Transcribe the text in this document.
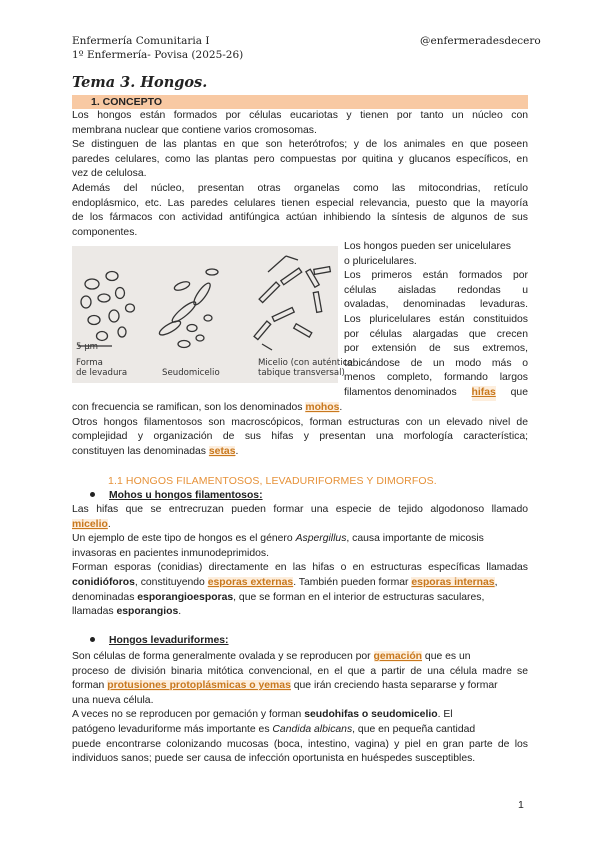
Enfermería Comunitaria I
1º Enfermería- Povisa (2025-26)
@enfermeradesdecero
Tema 3. Hongos.
1. CONCEPTO
Los hongos están formados por células eucariotas y tienen por tanto un núcleo con
membrana nuclear que contiene varios cromosomas.
Se distinguen de las plantas en que son heterótrofos; y de los animales en que poseen
paredes celulares, como las plantas pero compuestas por quitina y glucanos específicos, en
vez de celulosa.
Además del núcleo, presentan otras organelas como las mitocondrias, retículo
endoplásmico, etc. Las paredes celulares tienen especial relevancia, puesto que la mayoría
de los fármacos con actividad antifúngica actúan inhibiendo la síntesis de algunos de sus
componentes.
5 μm
Forma
de levadura	Seudomicelio
Micelio (con auténtico
tabique transversal)
Los hongos pueden ser unicelulares
o pluricelulares.
Los primeros están formados por
células aisladas redondas u
ovaladas, denominadas levaduras.
Los pluricelulares están constituidos
por células alargadas que crecen
por extensión de sus extremos,
tabicándose de un modo más o
menos completo, formando largos
filamentos denominados hifas que
con frecuencia se ramifican, son los denominados mohos.
Otros hongos filamentosos son macroscópicos, forman estructuras con un elevado nivel de
complejidad y organización de sus hifas y presentan una morfología característica;
constituyen las denominadas setas.
1.1 HONGOS FILAMENTOSOS, LEVADURIFORMES Y DIMORFOS.
Mohos u hongos filamentosos:
Las hifas que se entrecruzan pueden formar una especie de tejido algodonoso llamado
micelio.
Un ejemplo de este tipo de hongos es el género Aspergillus, causa importante de micosis
invasoras en pacientes inmunodeprimidos.
Forman esporas (conidias) directamente en las hifas o en estructuras específicas llamadas
conidióforos, constituyendo esporas externas. También pueden formar esporas internas,
denominadas esporangioesporas, que se forman en el interior de estructuras saculares,
llamadas esporangios.
Hongos levaduriformes:
Son células de forma generalmente ovalada y se reproducen por gemación que es un
proceso de división binaria mitótica convencional, en el que a partir de una célula madre se
forman protusiones protoplásmicas o yemas que irán creciendo hasta separarse y formar
una nueva célula.
A veces no se reproducen por gemación y forman seudohifas o seudomicelio. El
patógeno levaduriforme más importante es Candida albicans, que en pequeña cantidad
puede encontrarse colonizando mucosas (boca, intestino, vagina) y piel en gran parte de los
individuos sanos; puede ser causa de infección oportunista en huéspedes susceptibles.
1
